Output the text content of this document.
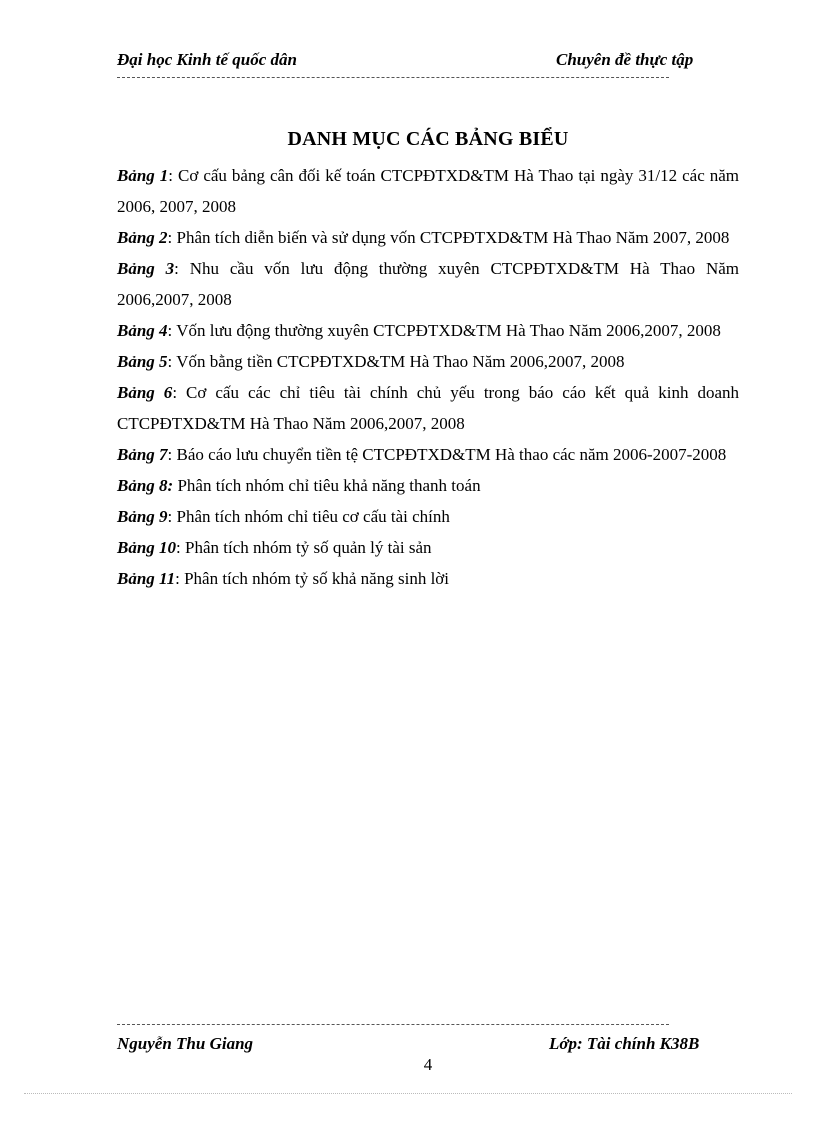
Đại học Kinh tế quốc dân	Chuyên đề thực tập
DANH MỤC CÁC BẢNG BIỂU
Bảng 1: Cơ cấu bảng cân đối kế toán CTCPĐTXD&TM Hà Thao tại ngày 31/12 các năm 2006, 2007, 2008
Bảng 2: Phân tích diễn biến và sử dụng vốn CTCPĐTXD&TM Hà Thao Năm 2007, 2008
Bảng 3: Nhu cầu vốn lưu động thường xuyên CTCPĐTXD&TM Hà Thao Năm 2006,2007, 2008
Bảng 4: Vốn lưu động thường xuyên CTCPĐTXD&TM Hà Thao Năm 2006,2007, 2008
Bảng 5: Vốn bằng tiền CTCPĐTXD&TM Hà Thao Năm 2006,2007, 2008
Bảng 6: Cơ cấu các chỉ tiêu tài chính chủ yếu trong báo cáo kết quả kinh doanh CTCPĐTXD&TM Hà Thao Năm 2006,2007, 2008
Bảng 7: Báo cáo lưu chuyển tiền tệ CTCPĐTXD&TM Hà thao các năm 2006-2007-2008
Bảng 8: Phân tích nhóm chỉ tiêu khả năng thanh toán
Bảng 9: Phân tích nhóm chỉ tiêu cơ cấu tài chính
Bảng 10: Phân tích nhóm tỷ số quản lý tài sản
Bảng 11: Phân tích nhóm tỷ số khả năng sinh lời
Nguyễn Thu Giang	Lớp: Tài chính K38B
4
